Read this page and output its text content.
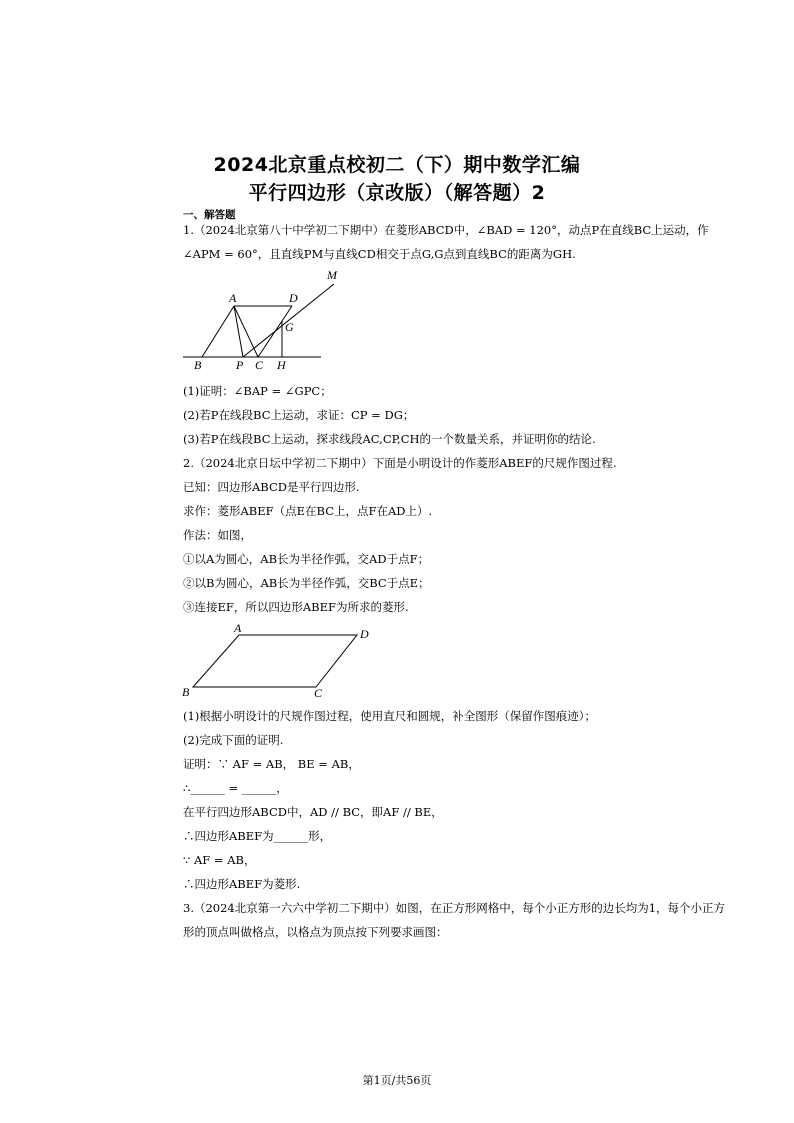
2024北京重点校初二（下）期中数学汇编
平行四边形（京改版）（解答题）2
一、解答题
1.（2024北京第八十中学初二下期中）在菱形ABCD中，∠BAD = 120°，动点P在直线BC上运动，作
∠APM = 60°，且直线PM与直线CD相交于点G,G点到直线BC的距离为GH.
M
A	D
G
B	P C H
(1)证明：∠BAP = ∠GPC；
(2)若P在线段BC上运动，求证：CP = DG；
(3)若P在线段BC上运动，探求线段AC,CP,CH的一个数量关系，并证明你的结论.
2.（2024北京日坛中学初二下期中）下面是小明设计的作菱形ABEF的尺规作图过程.
已知：四边形ABCD是平行四边形.
求作：菱形ABEF（点E在BC上，点F在AD上）.
作法：如图，
①以A为圆心，AB长为半径作弧，交AD于点F；
②以B为圆心，AB长为半径作弧，交BC于点E；
③连接EF，所以四边形ABEF为所求的菱形.
A	D
B	C
(1)根据小明设计的尺规作图过程，使用直尺和圆规，补全图形（保留作图痕迹）；
(2)完成下面的证明.
证明：∵ AF = AB， BE = AB，
∴______ = ______，
在平行四边形ABCD中，AD // BC，即AF // BE，
∴四边形ABEF为______形，
∵ AF = AB，
∴四边形ABEF为菱形.
3.（2024北京第一六六中学初二下期中）如图，在正方形网格中，每个小正方形的边长均为1，每个小正方
形的顶点叫做格点，以格点为顶点按下列要求画图：
第1页/共56页
